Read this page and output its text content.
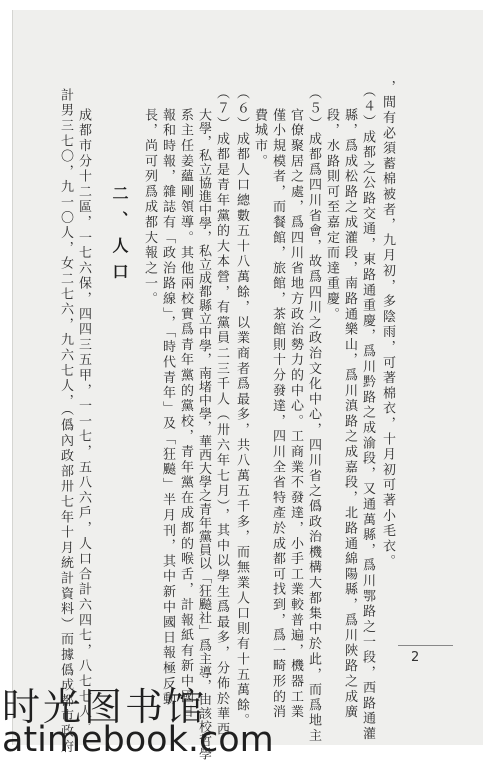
2
，間有必須蓄棉被者，九月初，多陰雨，可著棉衣，十月初可著小毛衣。
（４）成都之公路交通，東路通重慶，爲川黔路之成渝段，又通萬縣，爲川鄂路之一段，西路通灌
縣，爲成松路之成灌段，南路通樂山，爲川滇路之成嘉段，北路通綿陽縣，爲川陜路之成廣
段，水路則可至嘉定而達重慶。
（５）成都爲四川省會，故爲四川之政治文化中心，四川省之僞政治機構大都集中於此，而爲地主
官僚聚居之處，爲四川省地方政治勢力的中心。工商業不發達，小手工業較普遍，機器工業
僅小規模者，而餐館，旅館，茶館則十分發達，四川全省特產於成都可找到，爲一畸形的消
費城市。
（６）成都人口總數五十八萬餘，以業商者爲最多，共八萬五千多，而無業人口則有十五萬餘。
（７）成都是青年黨的大本營，有黨員二三千人（卅六年七月），其中以學生爲最多，分佈於華西
大學，私立協進中學，私立成都縣立中學，南堵中學，華西大學之青年黨員以「狂飈社」爲主導，由該校哲學
系主任姜蘊剛領導。其他兩校實爲青年黨的黨校，青年黨在成都的喉舌，計報紙有新中國日
報和時報，雜誌有「政治路線」，「時代青年」及「狂飈」半月刊，其中新中國日報極反動，
長，尚可列爲成都大報之一。
二、人口
成都市分十二區，一七六保，四四三五甲，一一七，五八六戶，人口合計六四七，八七七人，
計男三七〇，九一〇人，女二七六，九六七人，（僞內政部卅七年十月統計資料）而據僞成都市政府
时光图书馆
atimebook.com
